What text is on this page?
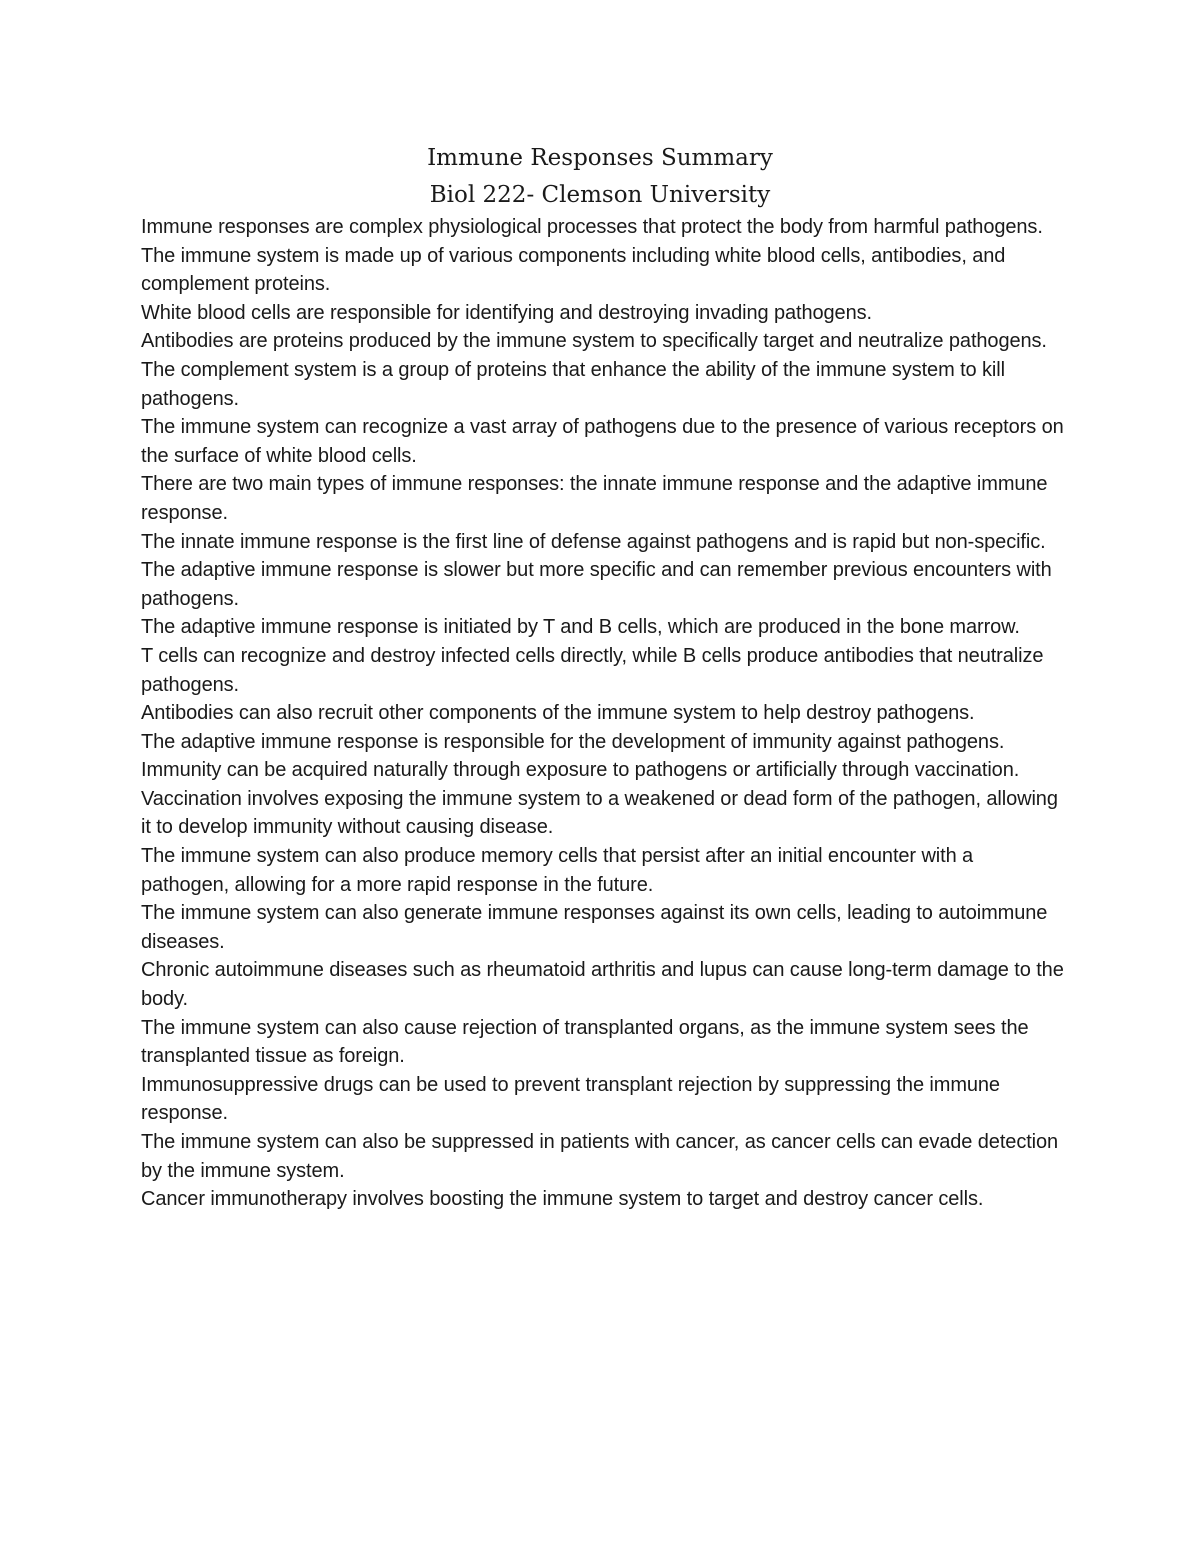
Immune Responses Summary
Biol 222- Clemson University

Immune responses are complex physiological processes that protect the body from harmful pathogens.

The immune system is made up of various components including white blood cells, antibodies, and complement proteins.

White blood cells are responsible for identifying and destroying invading pathogens.

Antibodies are proteins produced by the immune system to specifically target and neutralize pathogens.

The complement system is a group of proteins that enhance the ability of the immune system to kill pathogens.

The immune system can recognize a vast array of pathogens due to the presence of various receptors on the surface of white blood cells.

There are two main types of immune responses: the innate immune response and the adaptive immune response.

The innate immune response is the first line of defense against pathogens and is rapid but non-specific.

The adaptive immune response is slower but more specific and can remember previous encounters with pathogens.

The adaptive immune response is initiated by T and B cells, which are produced in the bone marrow.

T cells can recognize and destroy infected cells directly, while B cells produce antibodies that neutralize pathogens.

Antibodies can also recruit other components of the immune system to help destroy pathogens.

The adaptive immune response is responsible for the development of immunity against pathogens.

Immunity can be acquired naturally through exposure to pathogens or artificially through vaccination.

Vaccination involves exposing the immune system to a weakened or dead form of the pathogen, allowing it to develop immunity without causing disease.

The immune system can also produce memory cells that persist after an initial encounter with a pathogen, allowing for a more rapid response in the future.

The immune system can also generate immune responses against its own cells, leading to autoimmune diseases.

Chronic autoimmune diseases such as rheumatoid arthritis and lupus can cause long-term damage to the body.

The immune system can also cause rejection of transplanted organs, as the immune system sees the transplanted tissue as foreign.

Immunosuppressive drugs can be used to prevent transplant rejection by suppressing the immune response.

The immune system can also be suppressed in patients with cancer, as cancer cells can evade detection by the immune system.

Cancer immunotherapy involves boosting the immune system to target and destroy cancer cells.
